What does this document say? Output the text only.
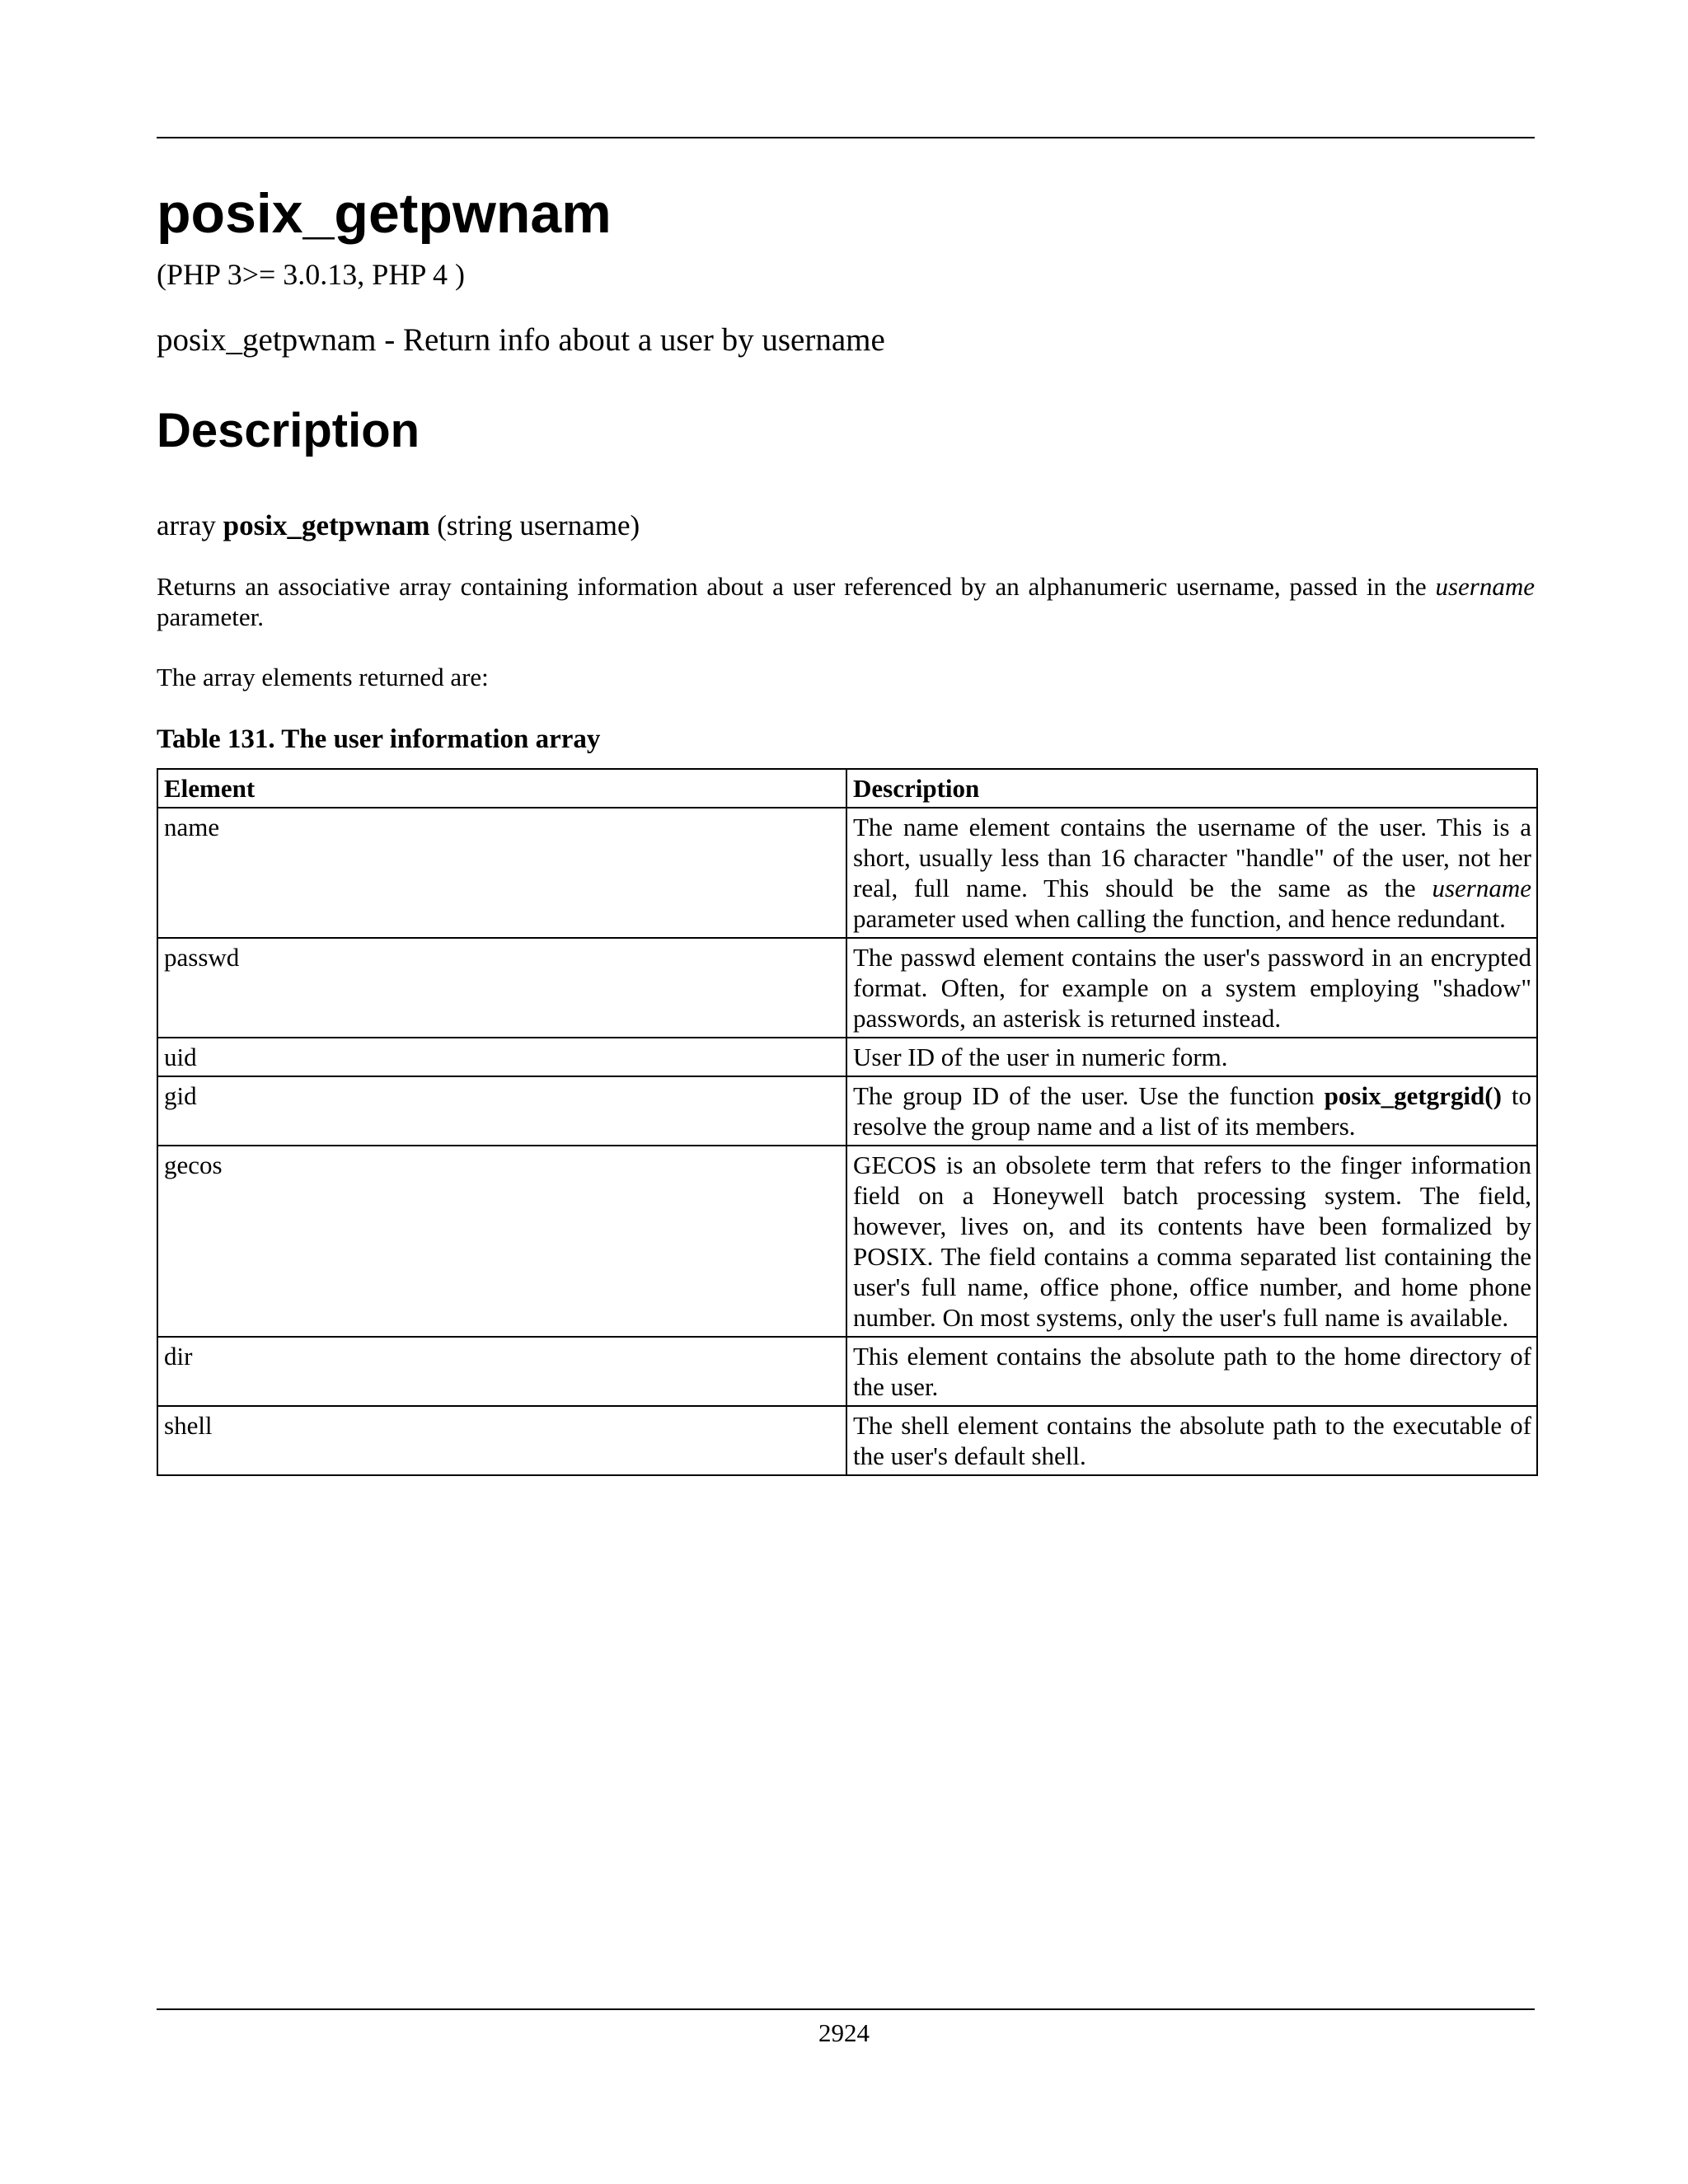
posix_getpwnam
(PHP 3>= 3.0.13, PHP 4 )
posix_getpwnam - Return info about a user by username
Description
array posix_getpwnam (string username)
Returns an associative array containing information about a user referenced by an alphanumeric username, passed in the username parameter.
The array elements returned are:
Table 131. The user information array
Element	Description
name	The name element contains the username of the user. This is a short, usually less than 16 character "handle" of the user, not her real, full name. This should be the same as the username parameter used when calling the function, and hence redundant.
passwd	The passwd element contains the user's password in an encrypted format. Often, for example on a system employing "shadow" passwords, an asterisk is returned instead.
uid	User ID of the user in numeric form.
gid	The group ID of the user. Use the function posix_getgrgid() to resolve the group name and a list of its members.
gecos	GECOS is an obsolete term that refers to the finger information field on a Honeywell batch processing system. The field, however, lives on, and its contents have been formalized by POSIX. The field contains a comma separated list containing the user's full name, office phone, office number, and home phone number. On most systems, only the user's full name is available.
dir	This element contains the absolute path to the home directory of the user.
shell	The shell element contains the absolute path to the executable of the user's default shell.
2924
